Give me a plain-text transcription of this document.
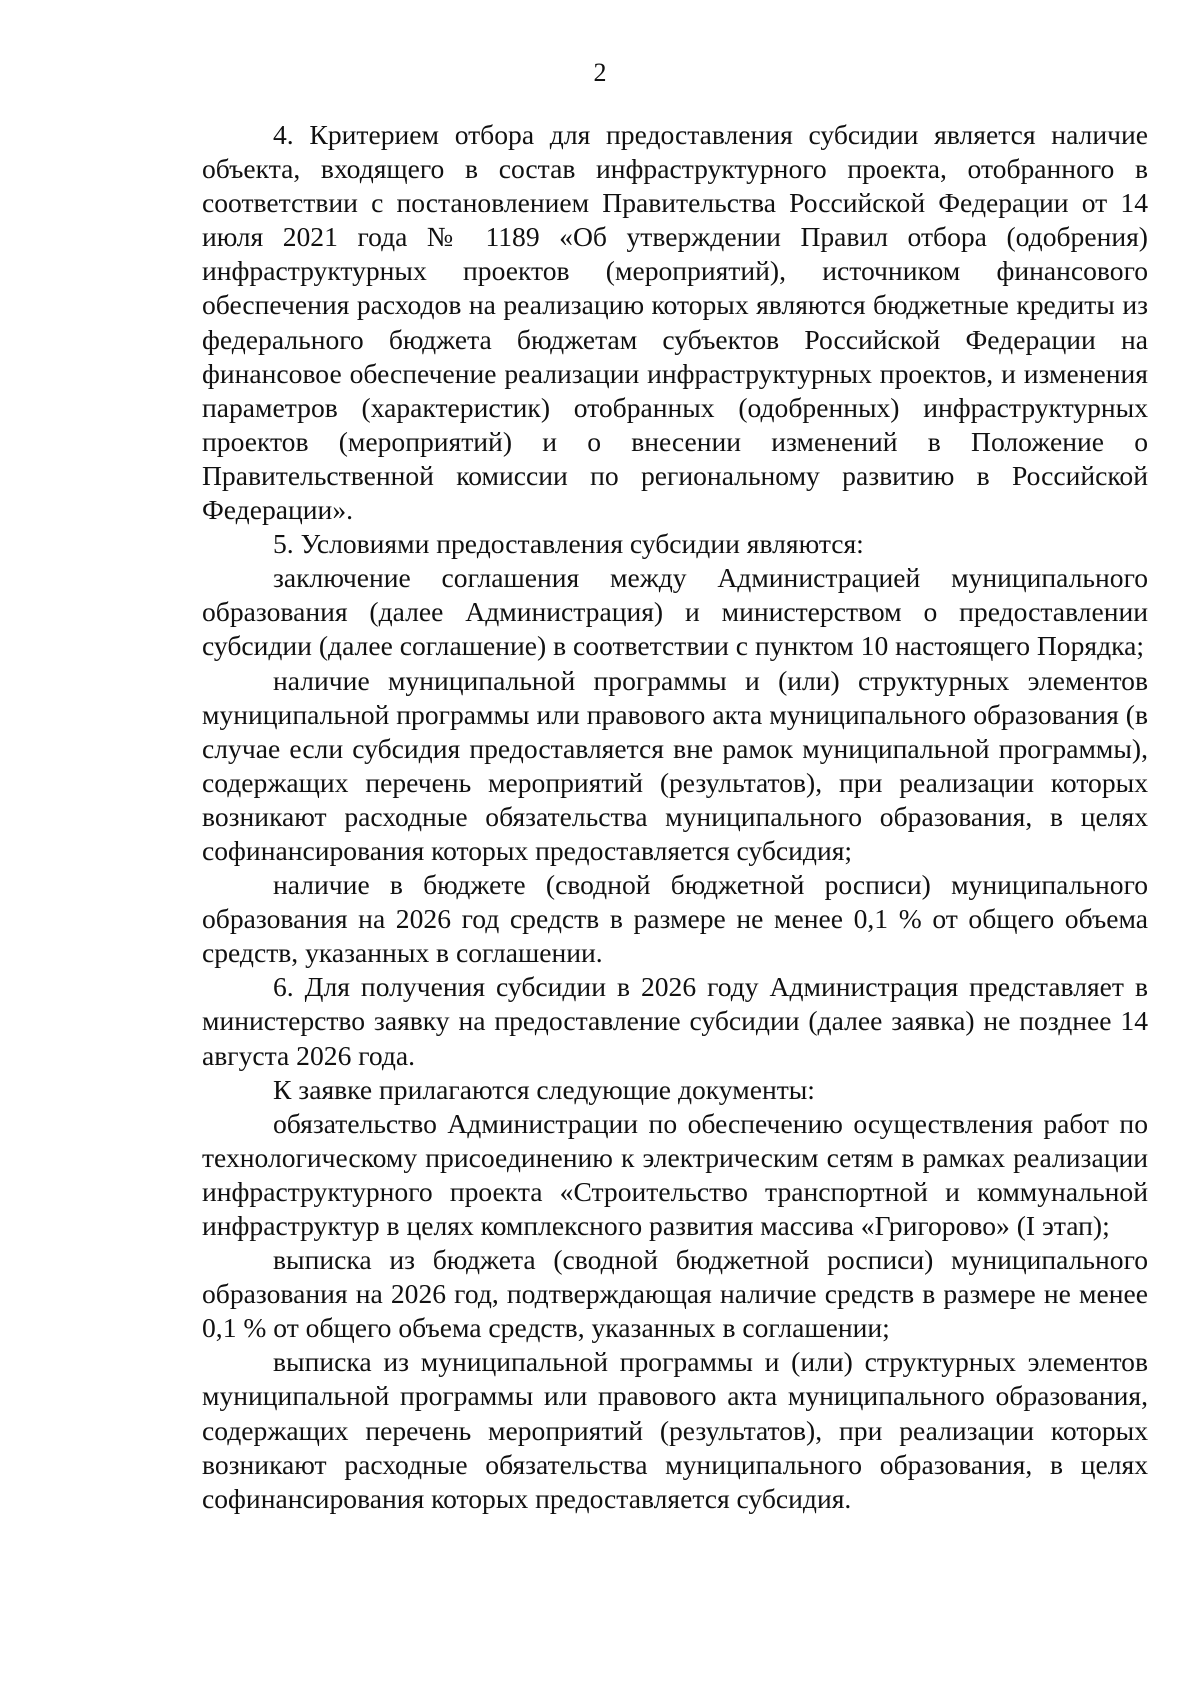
2

4. Критерием отбора для предоставления субсидии является наличие объекта, входящего в состав инфраструктурного проекта, отобранного в соответствии с постановлением Правительства Российской Федерации от 14 июля 2021 года № 1189 «Об утверждении Правил отбора (одобрения) инфраструктурных проектов (мероприятий), источником финансового обеспечения расходов на реализацию которых являются бюджетные кредиты из федерального бюджета бюджетам субъектов Российской Федерации на финансовое обеспечение реализации инфраструктурных проектов, и изменения параметров (характеристик) отобранных (одобренных) инфраструктурных проектов (мероприятий) и о внесении изменений в Положение о Правительственной комиссии по региональному развитию в Российской Федерации».

5. Условиями предоставления субсидии являются:

заключение соглашения между Администрацией муниципального образования (далее Администрация) и министерством о предоставлении субсидии (далее соглашение) в соответствии с пунктом 10 настоящего Порядка;

наличие муниципальной программы и (или) структурных элементов муниципальной программы или правового акта муниципального образования (в случае если субсидия предоставляется вне рамок муниципальной программы), содержащих перечень мероприятий (результатов), при реализации которых возникают расходные обязательства муниципального образования, в целях софинансирования которых предоставляется субсидия;

наличие в бюджете (сводной бюджетной росписи) муниципального образования на 2026 год средств в размере не менее 0,1 % от общего объема средств, указанных в соглашении.

6. Для получения субсидии в 2026 году Администрация представляет в министерство заявку на предоставление субсидии (далее заявка) не позднее 14 августа 2026 года.

К заявке прилагаются следующие документы:

обязательство Администрации по обеспечению осуществления работ по технологическому присоединению к электрическим сетям в рамках реализации инфраструктурного проекта «Строительство транспортной и коммунальной инфраструктур в целях комплексного развития массива «Григорово» (I этап);

выписка из бюджета (сводной бюджетной росписи) муниципального образования на 2026 год, подтверждающая наличие средств в размере не менее 0,1 % от общего объема средств, указанных в соглашении;

выписка из муниципальной программы и (или) структурных элементов муниципальной программы или правового акта муниципального образования, содержащих перечень мероприятий (результатов), при реализации которых возникают расходные обязательства муниципального образования, в целях софинансирования которых предоставляется субсидия.
